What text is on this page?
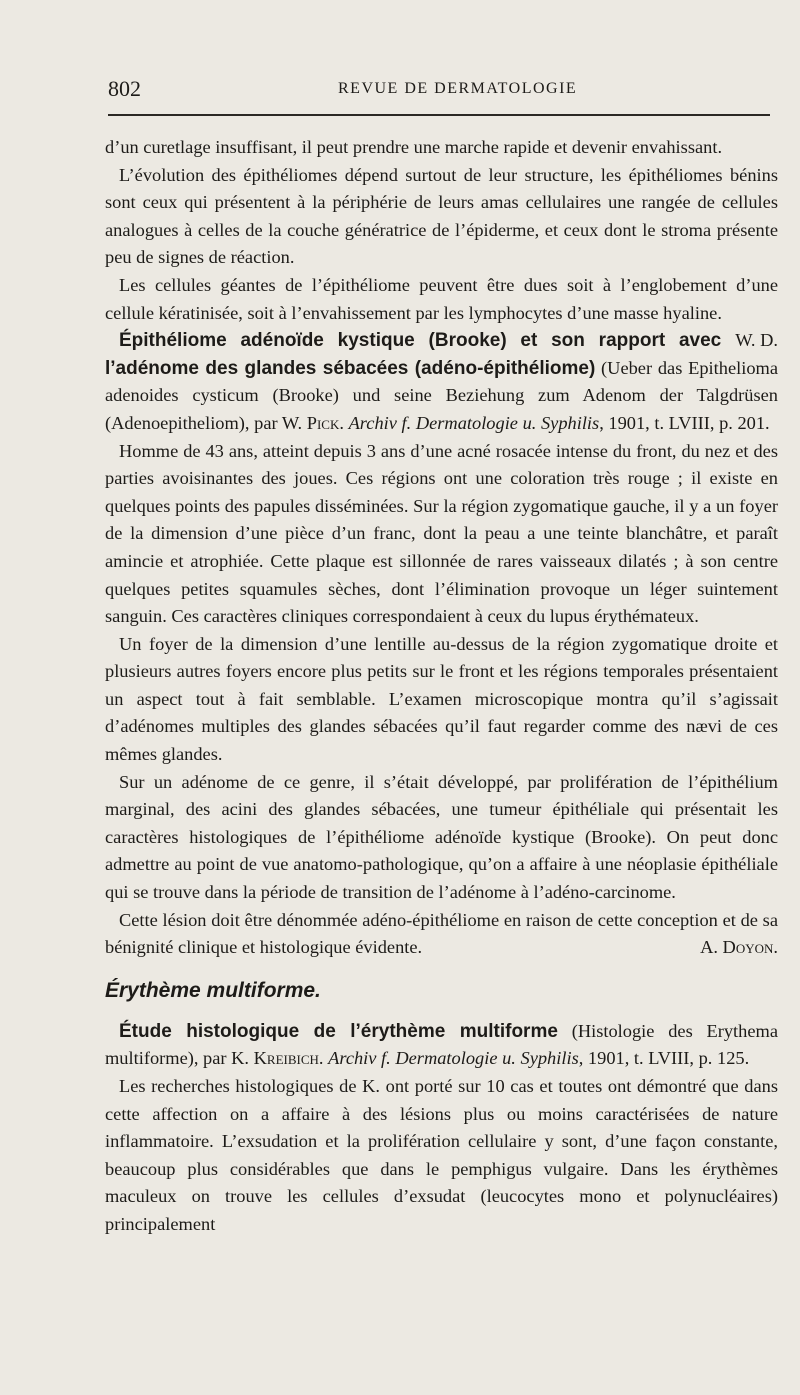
802	REVUE DE DERMATOLOGIE

d’un curetlage insuffisant, il peut prendre une marche rapide et devenir envahissant.

L’évolution des épithéliomes dépend surtout de leur structure, les épithéliomes bénins sont ceux qui présentent à la périphérie de leurs amas cellulaires une rangée de cellules analogues à celles de la couche génératrice de l’épiderme, et ceux dont le stroma présente peu de signes de réaction.

Les cellules géantes de l’épithéliome peuvent être dues soit à l’englobement d’une cellule kératinisée, soit à l’envahissement par les lymphocytes d’une masse hyaline.
W. D.

Épithéliome adénoïde kystique (Brooke) et son rapport avec l’adénome des glandes sébacées (adéno-épithéliome) (Ueber das Epithelioma adenoides cysticum (Brooke) und seine Beziehung zum Adenom der Talgdrüsen (Adenoepitheliom), par W. Pick. Archiv f. Dermatologie u. Syphilis, 1901, t. LVIII, p. 201.

Homme de 43 ans, atteint depuis 3 ans d’une acné rosacée intense du front, du nez et des parties avoisinantes des joues. Ces régions ont une coloration très rouge ; il existe en quelques points des papules disséminées. Sur la région zygomatique gauche, il y a un foyer de la dimension d’une pièce d’un franc, dont la peau a une teinte blanchâtre, et paraît amincie et atrophiée. Cette plaque est sillonnée de rares vaisseaux dilatés ; à son centre quelques petites squamules sèches, dont l’élimination provoque un léger suintement sanguin. Ces caractères cliniques correspondaient à ceux du lupus érythémateux.

Un foyer de la dimension d’une lentille au-dessus de la région zygomatique droite et plusieurs autres foyers encore plus petits sur le front et les régions temporales présentaient un aspect tout à fait semblable. L’examen microscopique montra qu’il s’agissait d’adénomes multiples des glandes sébacées qu’il faut regarder comme des nævi de ces mêmes glandes.

Sur un adénome de ce genre, il s’était développé, par prolifération de l’épithélium marginal, des acini des glandes sébacées, une tumeur épithéliale qui présentait les caractères histologiques de l’épithéliome adénoïde kystique (Brooke). On peut donc admettre au point de vue anatomo-pathologique, qu’on a affaire à une néoplasie épithéliale qui se trouve dans la période de transition de l’adénome à l’adéno-carcinome.

Cette lésion doit être dénommée adéno-épithéliome en raison de cette conception et de sa bénignité clinique et histologique évidente.	A. Doyon.

Érythème multiforme.

Étude histologique de l’érythème multiforme (Histologie des Erythema multiforme), par K. Kreibich. Archiv f. Dermatologie u. Syphilis, 1901, t. LVIII, p. 125.

Les recherches histologiques de K. ont porté sur 10 cas et toutes ont démontré que dans cette affection on a affaire à des lésions plus ou moins caractérisées de nature inflammatoire. L’exsudation et la prolifération cellulaire y sont, d’une façon constante, beaucoup plus considérables que dans le pemphigus vulgaire. Dans les érythèmes maculeux on trouve les cellules d’exsudat (leucocytes mono et polynucléaires) principalement
